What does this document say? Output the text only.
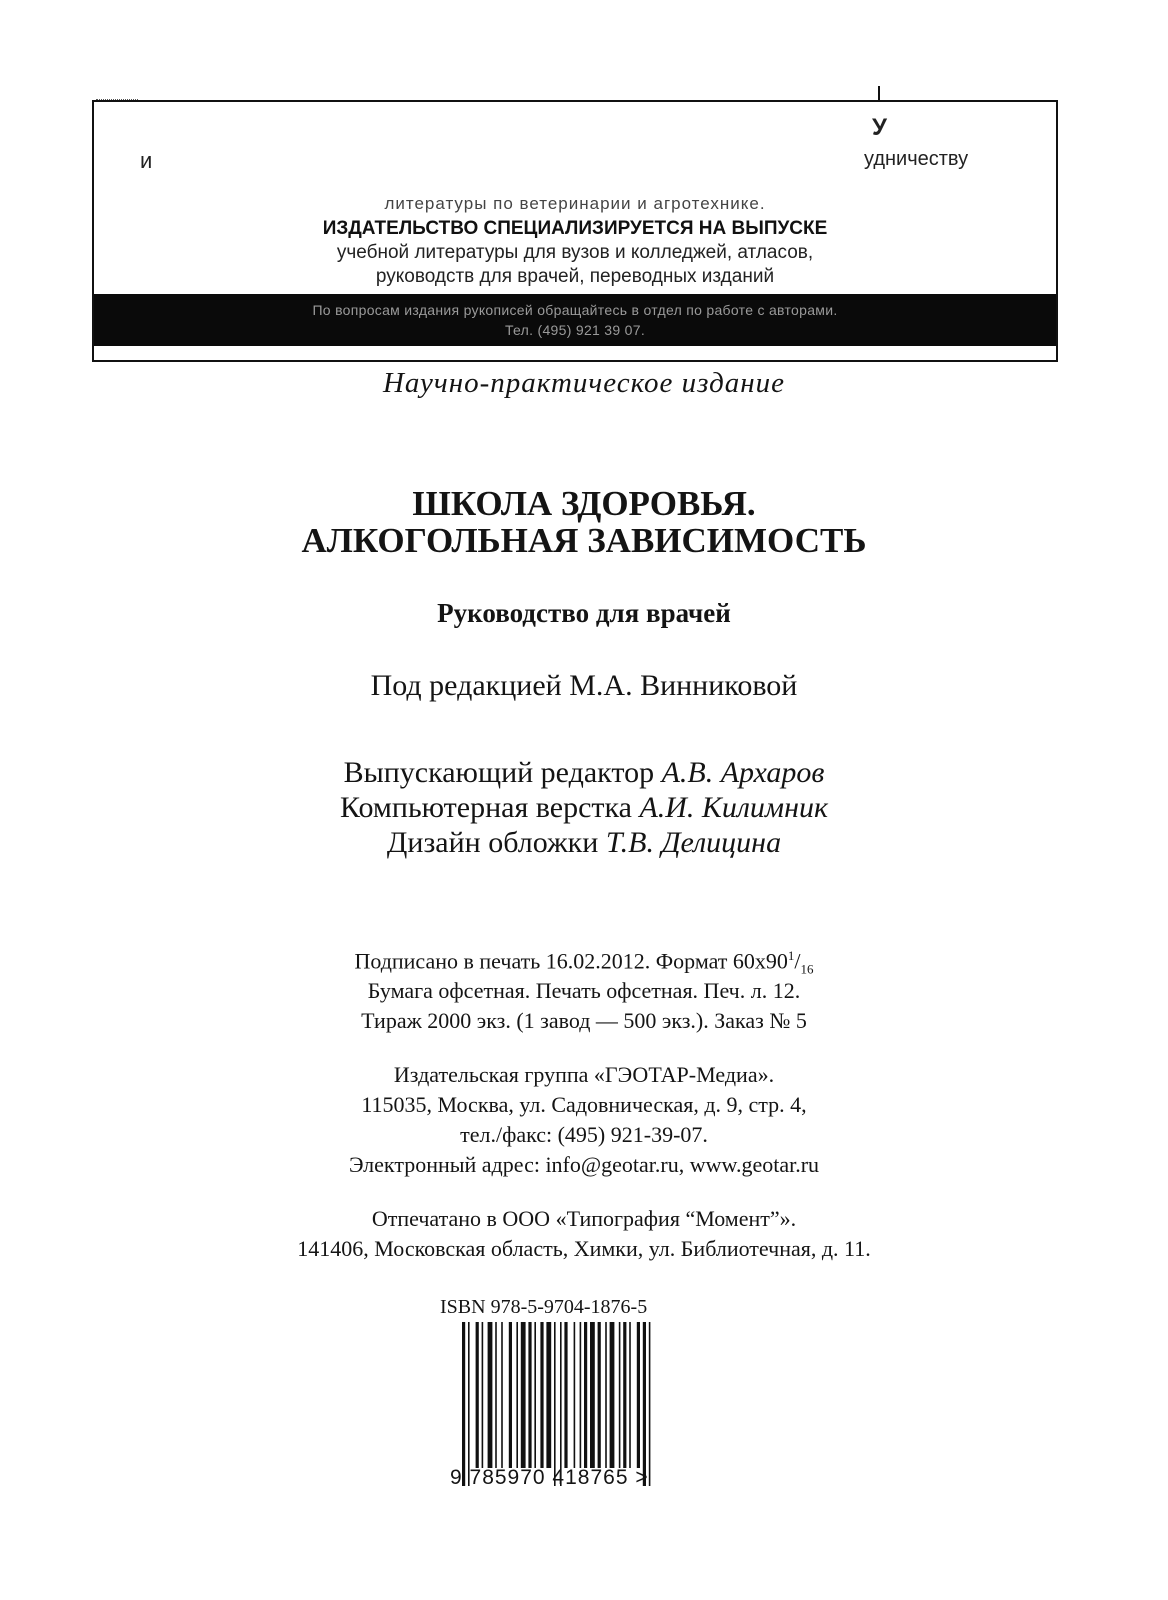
и
У
удничеству
литературы по ветеринарии и агротехнике.
ИЗДАТЕЛЬСТВО СПЕЦИАЛИЗИРУЕТСЯ НА ВЫПУСКЕ
учебной литературы для вузов и колледжей, атласов,
руководств для врачей, переводных изданий
По вопросам издания рукописей обращайтесь в отдел по работе с авторами.
Тел. (495) 921 39 07.
Научно-практическое издание
ШКОЛА ЗДОРОВЬЯ.
АЛКОГОЛЬНАЯ ЗАВИСИМОСТЬ
Руководство для врачей
Под редакцией М.А. Винниковой
Выпускающий редактор А.В. Архаров
Компьютерная верстка А.И. Килимник
Дизайн обложки Т.В. Делицина
Подписано в печать 16.02.2012. Формат $60х90^1/_{16}$
Бумага офсетная. Печать офсетная. Печ. л. 12.
Тираж 2000 экз. (1 завод — 500 экз.). Заказ № 5
Издательская группа «ГЭОТАР-Медиа».
115035, Москва, ул. Садовническая, д. 9, стр. 4,
тел./факс: (495) 921-39-07.
Электронный адрес: info@geotar.ru, www.geotar.ru
Отпечатано в ООО «Типография “Момент”».
141406, Московская область, Химки, ул. Библиотечная, д. 11.
ISBN 978-5-9704-1876-5
9 785970 418765 >
